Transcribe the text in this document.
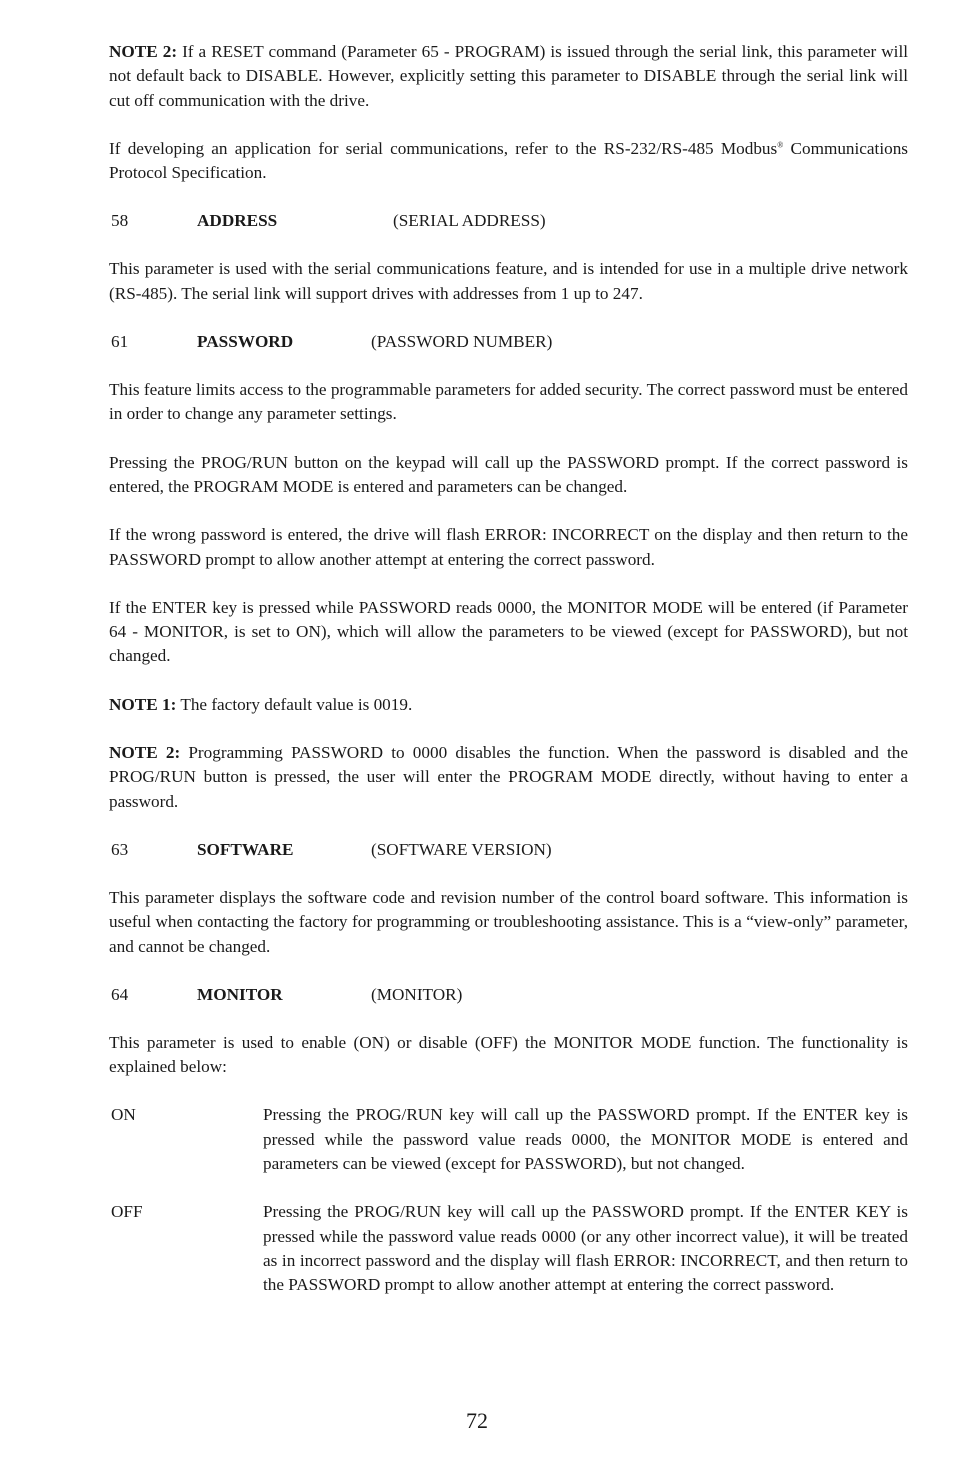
NOTE 2: If a RESET command (Parameter 65 - PROGRAM) is issued through the serial link, this parameter will not default back to DISABLE. However, explicitly setting this parameter to DISABLE through the serial link will cut off communication with the drive.

If developing an application for serial communications, refer to the RS-232/RS-485 Modbus® Communications Protocol Specification.

58	ADDRESS	(SERIAL ADDRESS)

This parameter is used with the serial communications feature, and is intended for use in a multiple drive network (RS-485). The serial link will support drives with addresses from 1 up to 247.

61	PASSWORD	(PASSWORD NUMBER)

This feature limits access to the programmable parameters for added security. The correct password must be entered in order to change any parameter settings.

Pressing the PROG/RUN button on the keypad will call up the PASSWORD prompt. If the correct password is entered, the PROGRAM MODE is entered and parameters can be changed.

If the wrong password is entered, the drive will flash ERROR: INCORRECT on the display and then return to the PASSWORD prompt to allow another attempt at entering the correct password.

If the ENTER key is pressed while PASSWORD reads 0000, the MONITOR MODE will be entered (if Parameter 64 - MONITOR, is set to ON), which will allow the parameters to be viewed (except for PASSWORD), but not changed.

NOTE 1: The factory default value is 0019.

NOTE 2: Programming PASSWORD to 0000 disables the function. When the password is disabled and the PROG/RUN button is pressed, the user will enter the PROGRAM MODE directly, without having to enter a password.

63	SOFTWARE	(SOFTWARE VERSION)

This parameter displays the software code and revision number of the control board software. This information is useful when contacting the factory for programming or troubleshooting assistance. This is a “view-only” parameter, and cannot be changed.

64	MONITOR	(MONITOR)

This parameter is used to enable (ON) or disable (OFF) the MONITOR MODE function. The functionality is explained below:

ON	Pressing the PROG/RUN key will call up the PASSWORD prompt. If the ENTER key is pressed while the password value reads 0000, the MONITOR MODE is entered and parameters can be viewed (except for PASSWORD), but not changed.
OFF	Pressing the PROG/RUN key will call up the PASSWORD prompt. If the ENTER KEY is pressed while the password value reads 0000 (or any other incorrect value), it will be treated as in incorrect password and the display will flash ERROR: INCORRECT, and then return to the PASSWORD prompt to allow another attempt at entering the correct password.
72
